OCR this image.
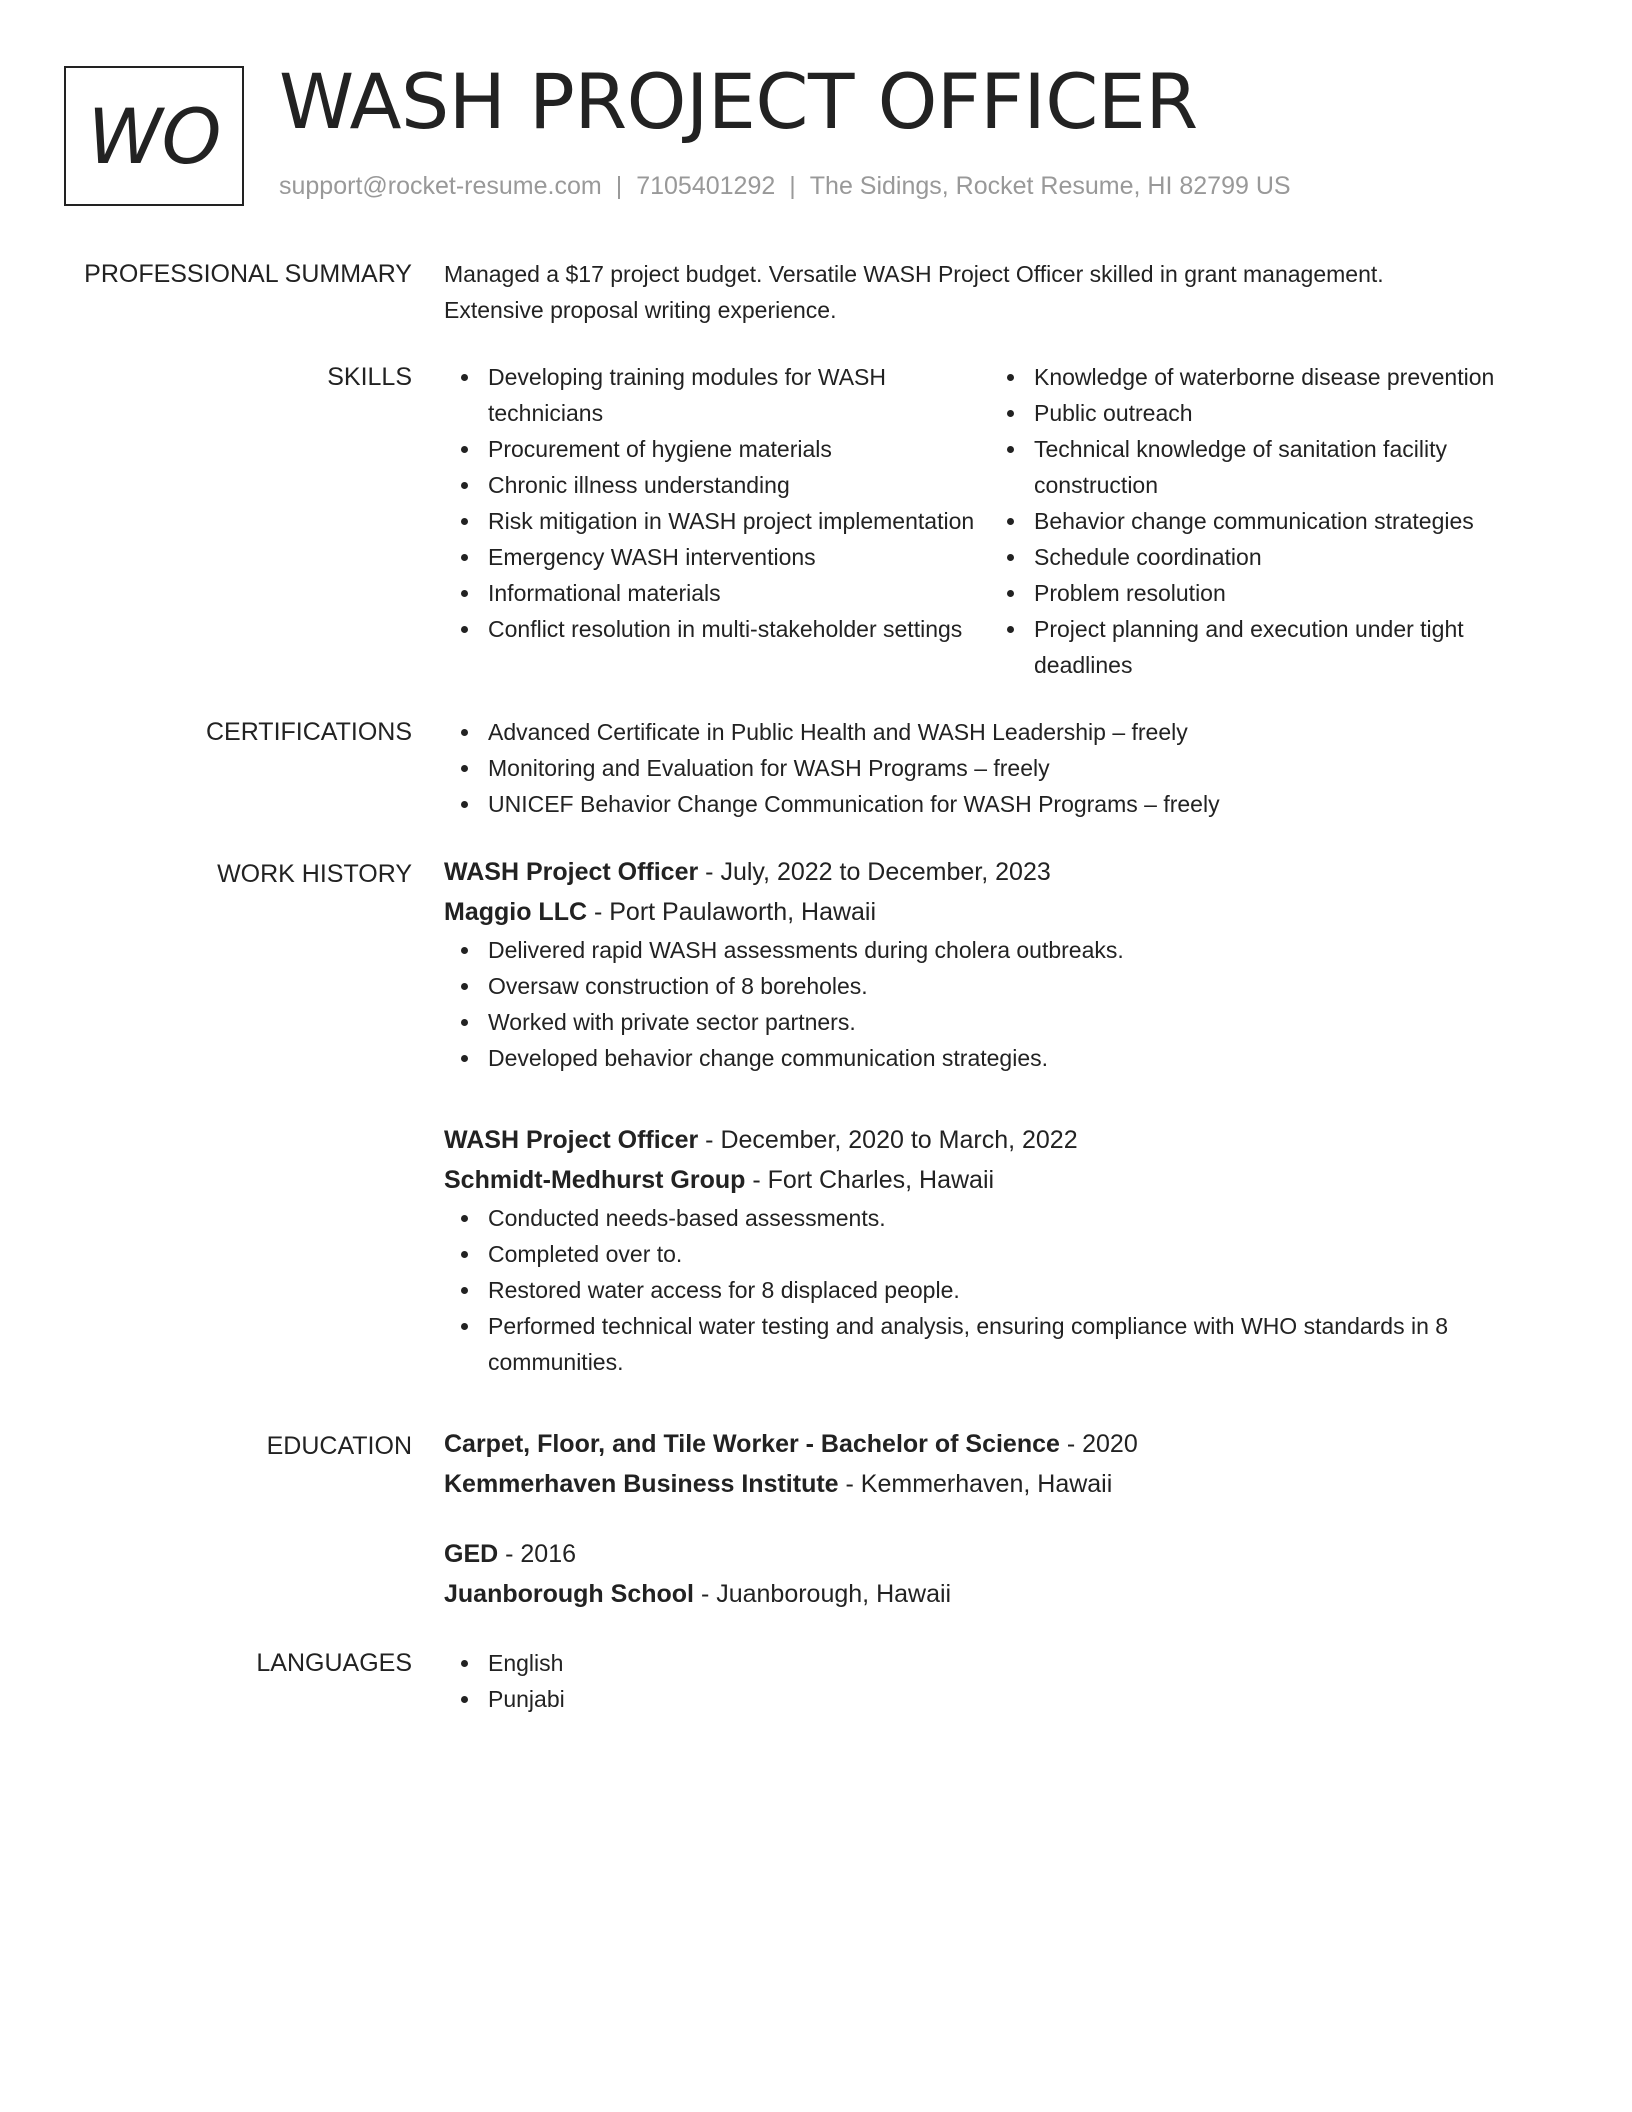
WO WASH PROJECT OFFICER
support@rocket-resume.com | 7105401292 | The Sidings, Rocket Resume, HI 82799 US
PROFESSIONAL SUMMARY Managed a $17 project budget. Versatile WASH Project Officer skilled in grant management.
Extensive proposal writing experience.
SKILLS	Developing training modules for WASH technicians
Procurement of hygiene materials
Chronic illness understanding
Risk mitigation in WASH project implementation
Emergency WASH interventions
Informational materials
Conflict resolution in multi-stakeholder settings
Knowledge of waterborne disease prevention
Public outreach
Technical knowledge of sanitation facility construction
Behavior change communication strategies
Schedule coordination
Problem resolution
Project planning and execution under tight deadlines
CERTIFICATIONS	Advanced Certificate in Public Health and WASH Leadership – freely
Monitoring and Evaluation for WASH Programs – freely
UNICEF Behavior Change Communication for WASH Programs – freely
WORK HISTORY WASH Project Officer - July, 2022 to December, 2023
Maggio LLC - Port Paulaworth, Hawaii
Delivered rapid WASH assessments during cholera outbreaks.
Oversaw construction of 8 boreholes.
Worked with private sector partners.
Developed behavior change communication strategies.
WASH Project Officer - December, 2020 to March, 2022
Schmidt-Medhurst Group - Fort Charles, Hawaii
Conducted needs-based assessments.
Completed over to.
Restored water access for 8 displaced people.
Performed technical water testing and analysis, ensuring compliance with WHO standards in 8 communities.
EDUCATION Carpet, Floor, and Tile Worker - Bachelor of Science - 2020
Kemmerhaven Business Institute - Kemmerhaven, Hawaii
GED - 2016
Juanborough School - Juanborough, Hawaii
LANGUAGES	English
Punjabi
